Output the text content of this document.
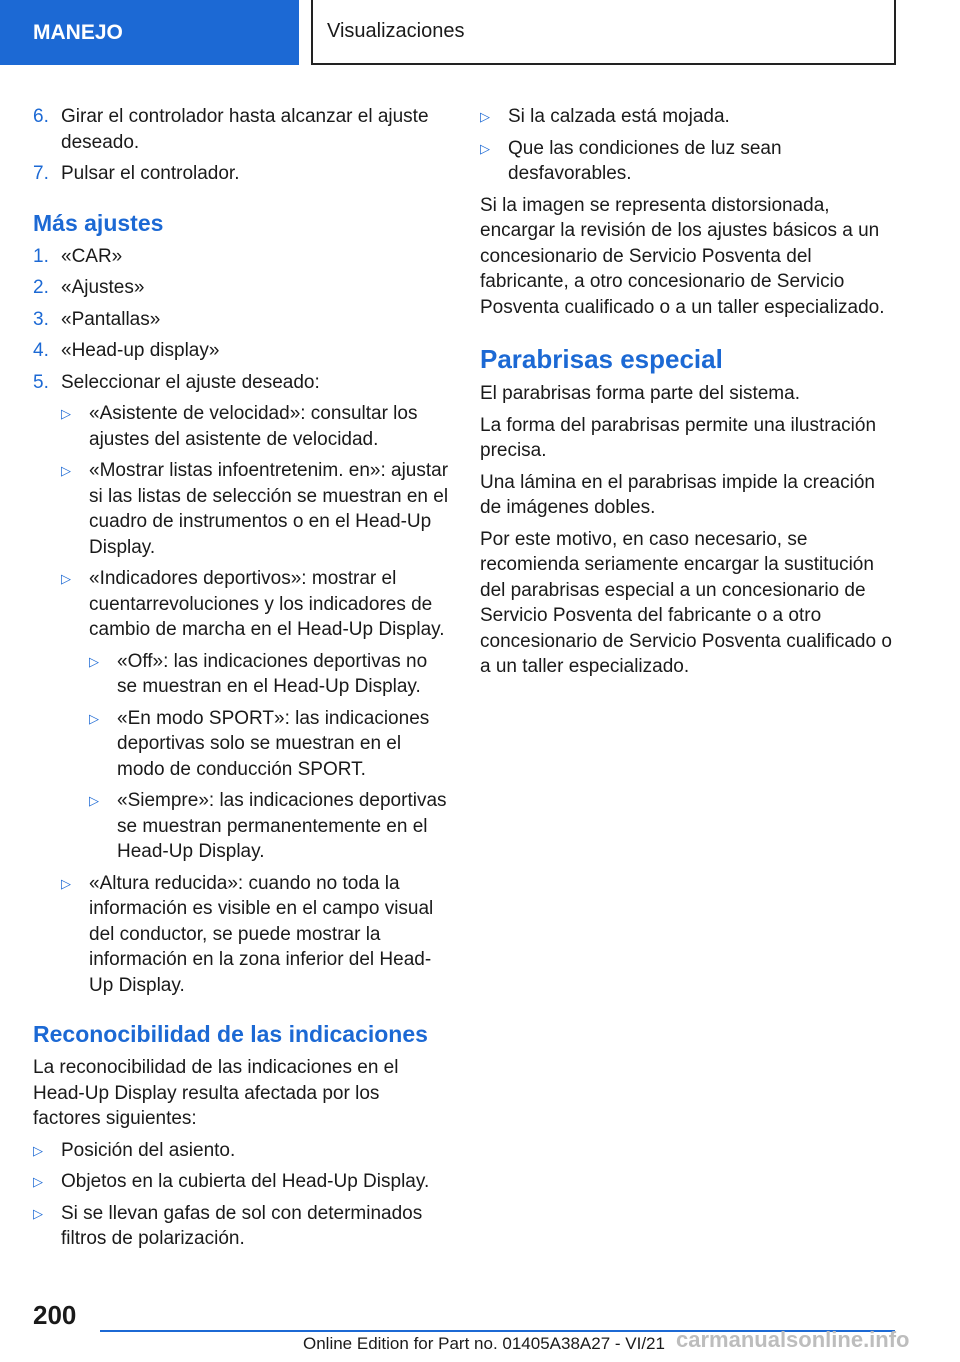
MANEJO	Visualizaciones
6. Girar el controlador hasta alcanzar el ajuste deseado.
7. Pulsar el controlador.
Más ajustes
1. «CAR»
2. «Ajustes»
3. «Pantallas»
4. «Head-up display»
5. Seleccionar el ajuste deseado:
▷ «Asistente de velocidad»: consultar los ajustes del asistente de velocidad.
▷ «Mostrar listas infoentretenim. en»: ajustar si las listas de selección se muestran en el cuadro de instrumentos o en el Head-Up Display.
▷ «Indicadores deportivos»: mostrar el cuentarrevoluciones y los indicadores de cambio de marcha en el Head-Up Display.
▷ «Off»: las indicaciones deportivas no se muestran en el Head-Up Display.
▷ «En modo SPORT»: las indicaciones deportivas solo se muestran en el modo de conducción SPORT.
▷ «Siempre»: las indicaciones deportivas se muestran permanentemente en el Head-Up Display.
▷ «Altura reducida»: cuando no toda la información es visible en el campo visual del conductor, se puede mostrar la información en la zona inferior del Head-Up Display.
Reconocibilidad de las indicaciones

La reconocibilidad de las indicaciones en el Head-Up Display resulta afectada por los factores siguientes:

▷ Posición del asiento.
▷ Objetos en la cubierta del Head-Up Display.
▷ Si se llevan gafas de sol con determinados filtros de polarización.
▷ Si la calzada está mojada.
▷ Que las condiciones de luz sean desfavorables.

Si la imagen se representa distorsionada, encargar la revisión de los ajustes básicos a un concesionario de Servicio Posventa del fabricante, a otro concesionario de Servicio Posventa cualificado o a un taller especializado.

Parabrisas especial

El parabrisas forma parte del sistema.

La forma del parabrisas permite una ilustración precisa.

Una lámina en el parabrisas impide la creación de imágenes dobles.

Por este motivo, en caso necesario, se recomienda seriamente encargar la sustitución del parabrisas especial a un concesionario de Servicio Posventa del fabricante o a otro concesionario de Servicio Posventa cualificado o a un taller especializado.

200
Online Edition for Part no. 01405A38A27 - VI/21 carmanualsonline.info
